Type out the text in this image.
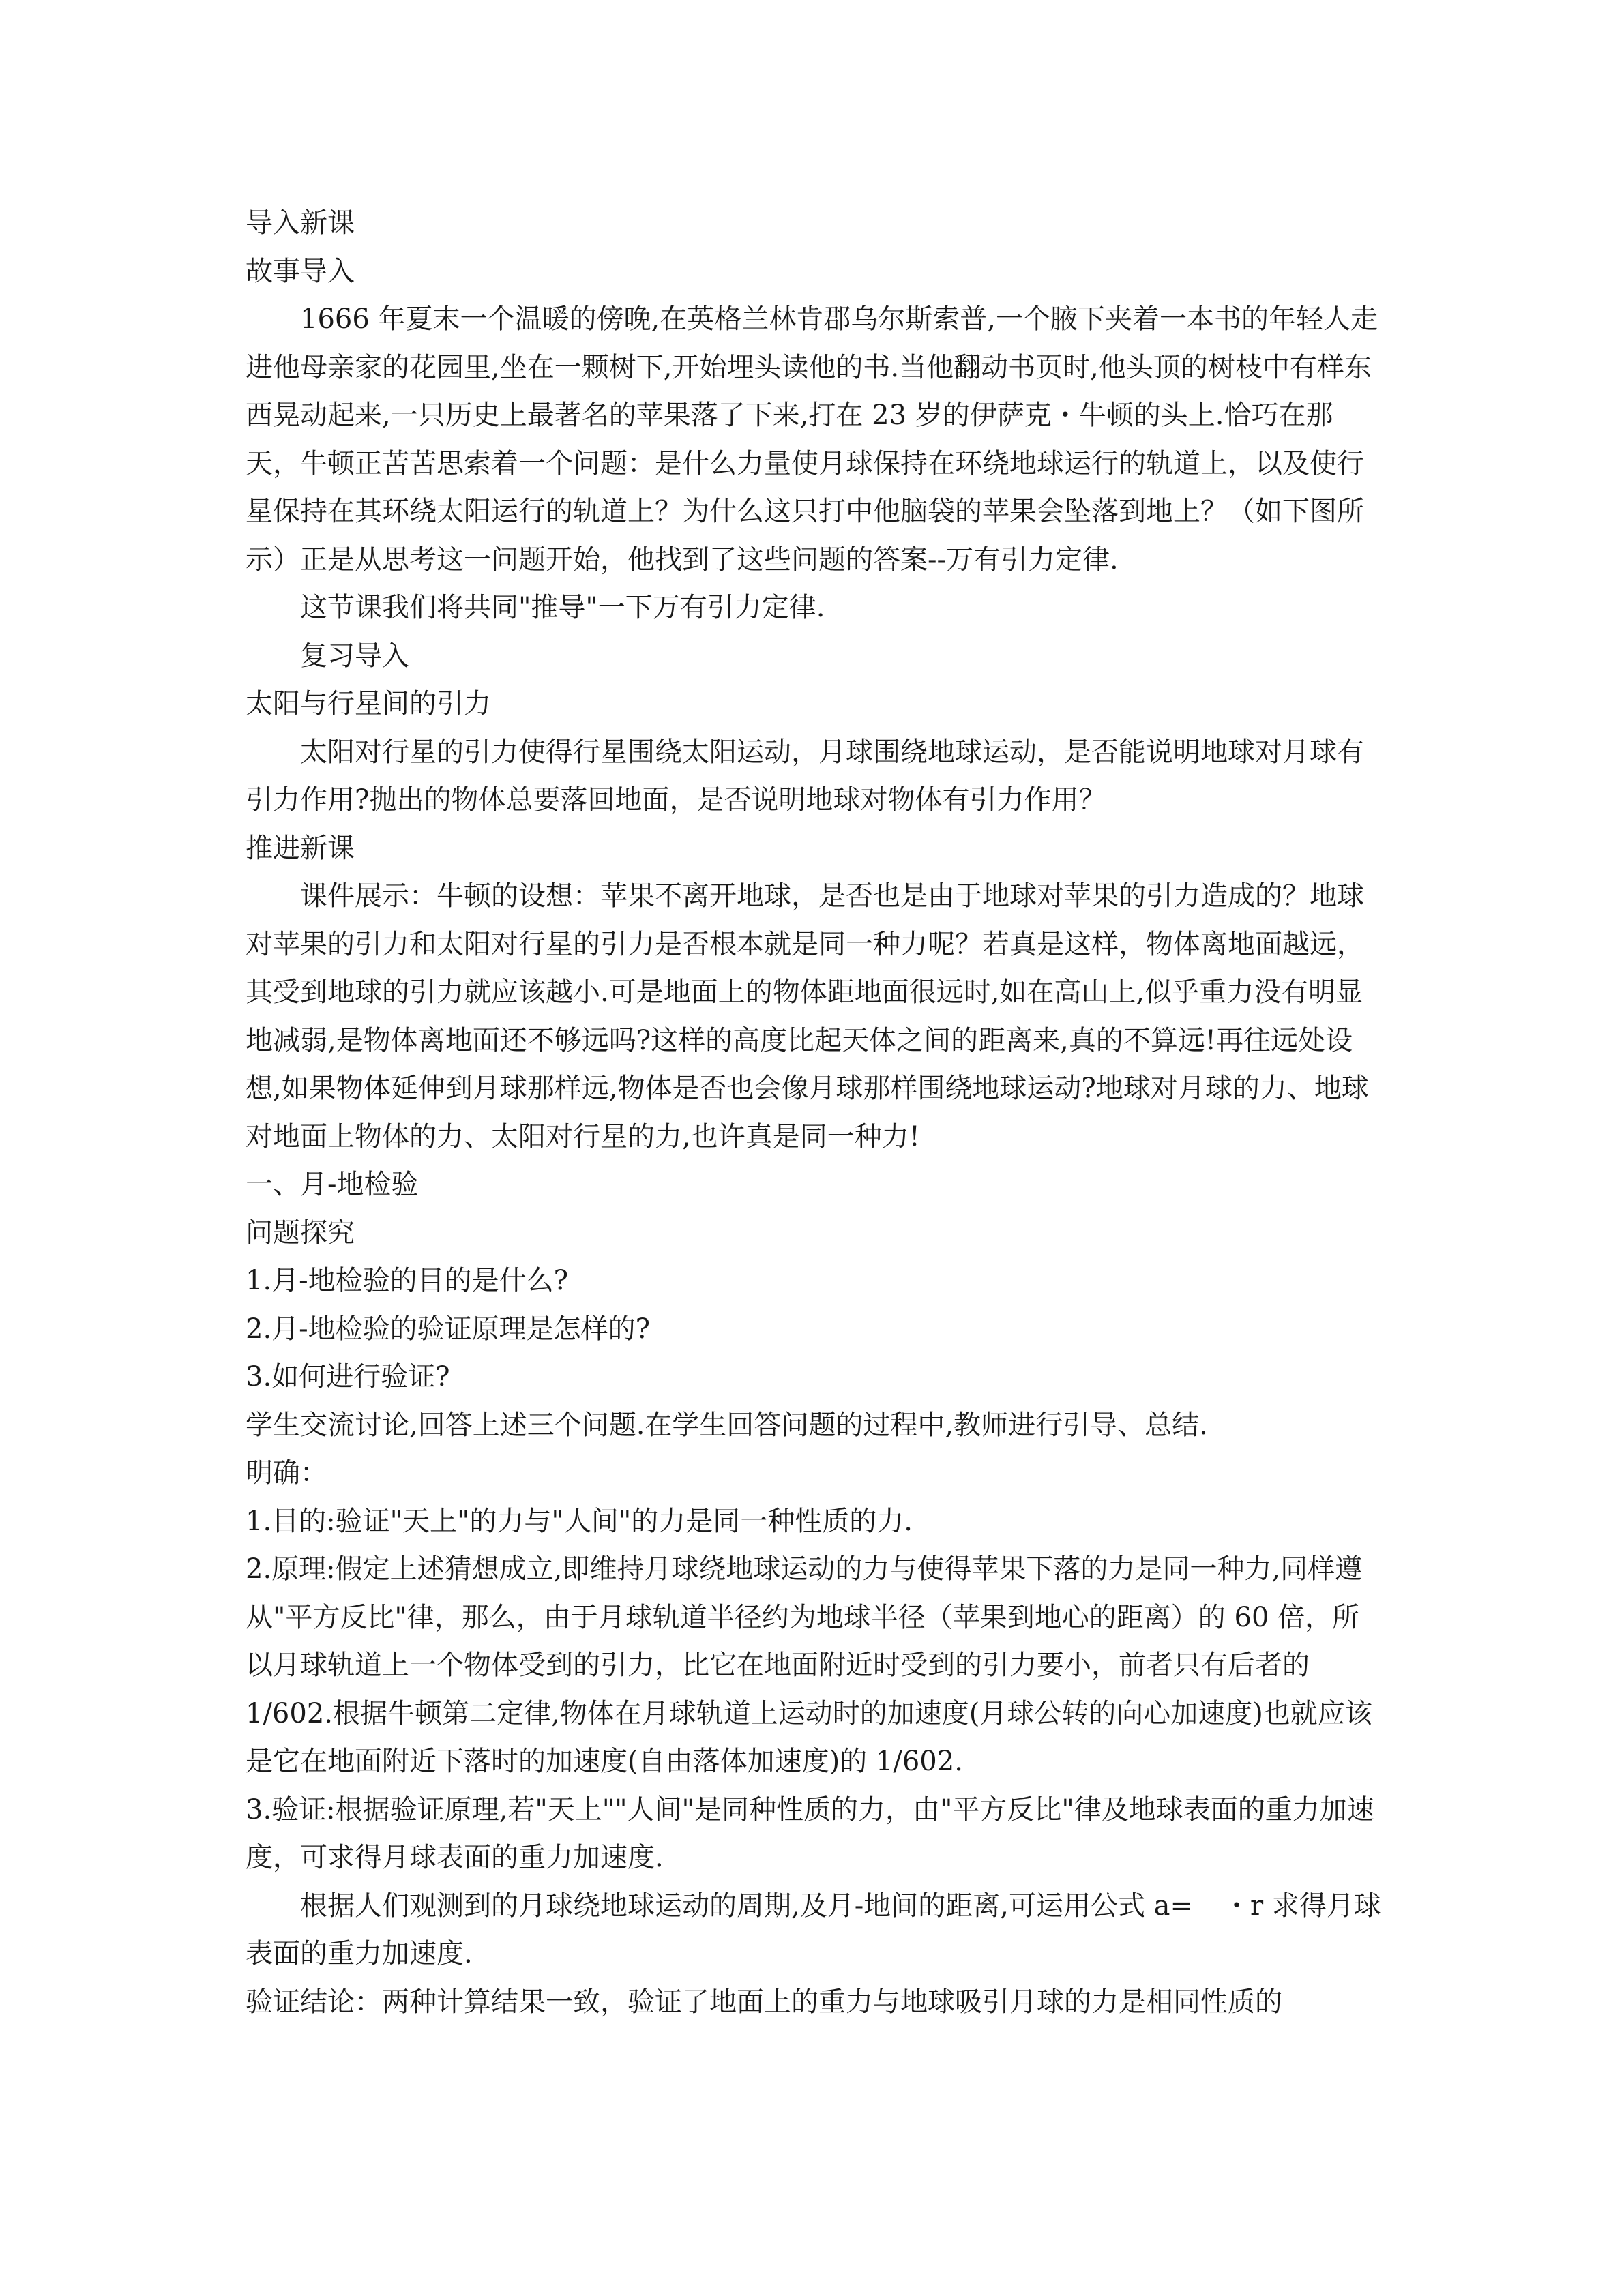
导入新课

故事导入

1666 年夏末一个温暖的傍晚,在英格兰林肯郡乌尔斯索普,一个腋下夹着一本书的年轻人走进他母亲家的花园里,坐在一颗树下,开始埋头读他的书.当他翻动书页时,他头顶的树枝中有样东西晃动起来,一只历史上最著名的苹果落了下来,打在 23 岁的伊萨克・牛顿的头上.恰巧在那天，牛顿正苦苦思索着一个问题：是什么力量使月球保持在环绕地球运行的轨道上，以及使行星保持在其环绕太阳运行的轨道上？为什么这只打中他脑袋的苹果会坠落到地上？（如下图所示）正是从思考这一问题开始，他找到了这些问题的答案--万有引力定律.

这节课我们将共同"推导"一下万有引力定律.

复习导入

太阳与行星间的引力

太阳对行星的引力使得行星围绕太阳运动，月球围绕地球运动，是否能说明地球对月球有引力作用?抛出的物体总要落回地面，是否说明地球对物体有引力作用？

推进新课

课件展示：牛顿的设想：苹果不离开地球，是否也是由于地球对苹果的引力造成的？地球对苹果的引力和太阳对行星的引力是否根本就是同一种力呢？若真是这样，物体离地面越远，其受到地球的引力就应该越小.可是地面上的物体距地面很远时,如在高山上,似乎重力没有明显地减弱,是物体离地面还不够远吗?这样的高度比起天体之间的距离来,真的不算远!再往远处设想,如果物体延伸到月球那样远,物体是否也会像月球那样围绕地球运动?地球对月球的力、地球对地面上物体的力、太阳对行星的力,也许真是同一种力!

一、月-地检验

问题探究

1.月-地检验的目的是什么?

2.月-地检验的验证原理是怎样的?

3.如何进行验证?

学生交流讨论,回答上述三个问题.在学生回答问题的过程中,教师进行引导、总结.

明确：

1.目的:验证"天上"的力与"人间"的力是同一种性质的力.

2.原理:假定上述猜想成立,即维持月球绕地球运动的力与使得苹果下落的力是同一种力,同样遵从"平方反比"律，那么，由于月球轨道半径约为地球半径（苹果到地心的距离）的 60 倍，所以月球轨道上一个物体受到的引力，比它在地面附近时受到的引力要小，前者只有后者的 1/602.根据牛顿第二定律,物体在月球轨道上运动时的加速度(月球公转的向心加速度)也就应该是它在地面附近下落时的加速度(自由落体加速度)的 1/602.

3.验证:根据验证原理,若"天上""人间"是同种性质的力，由"平方反比"律及地球表面的重力加速度，可求得月球表面的重力加速度.

根据人们观测到的月球绕地球运动的周期,及月-地间的距离,可运用公式 a= ・r 求得月球表面的重力加速度.

验证结论：两种计算结果一致，验证了地面上的重力与地球吸引月球的力是相同性质的
